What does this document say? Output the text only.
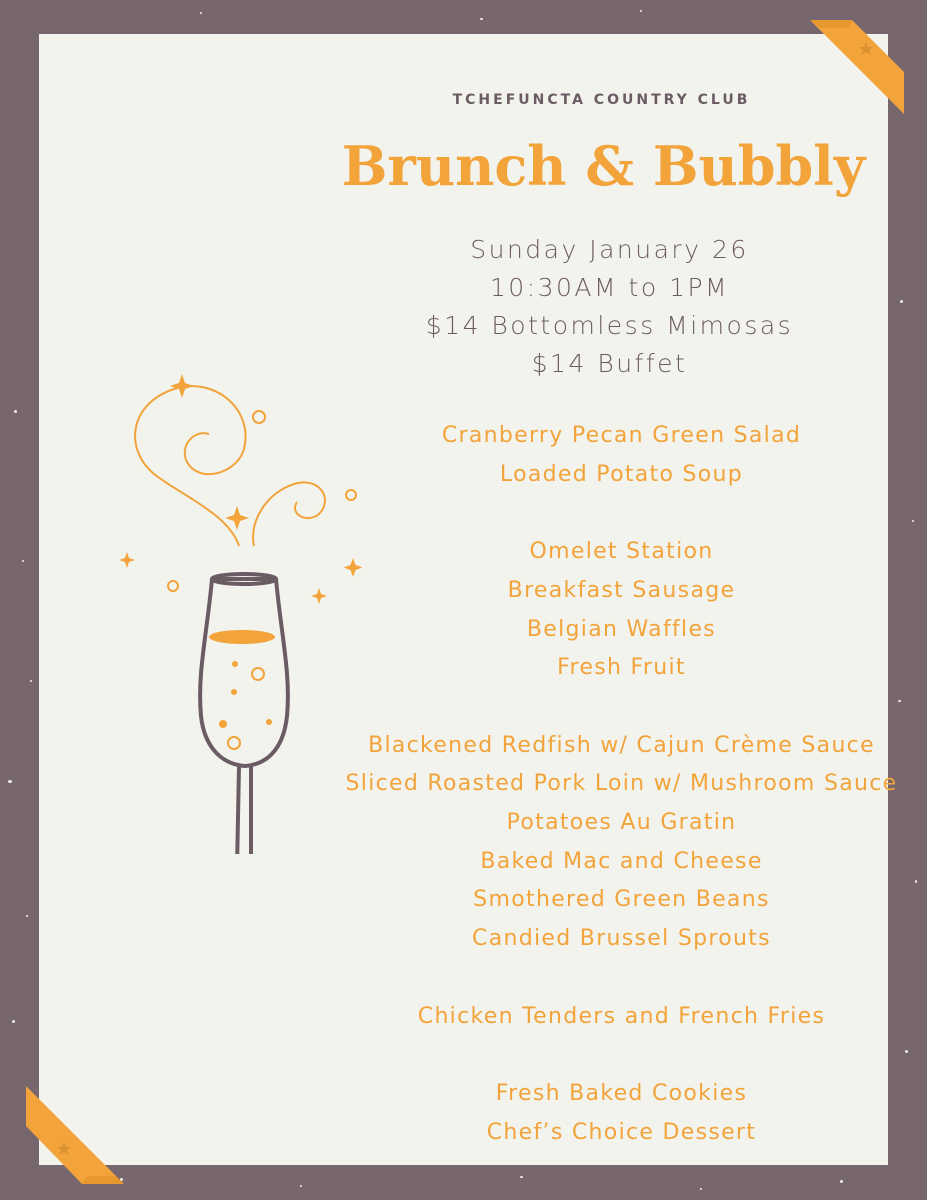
TCHEFUNCTA COUNTRY CLUB
Brunch & Bubbly
Sunday January 26
10:30AM to 1PM
$14 Bottomless Mimosas
$14 Buffet
Cranberry Pecan Green Salad
Loaded Potato Soup
Omelet Station
Breakfast Sausage
Belgian Waffles
Fresh Fruit
Blackened Redfish w/ Cajun Crème Sauce
Sliced Roasted Pork Loin w/ Mushroom Sauce
Potatoes Au Gratin
Baked Mac and Cheese
Smothered Green Beans
Candied Brussel Sprouts
Chicken Tenders and French Fries
Fresh Baked Cookies
Chef’s Choice Dessert
